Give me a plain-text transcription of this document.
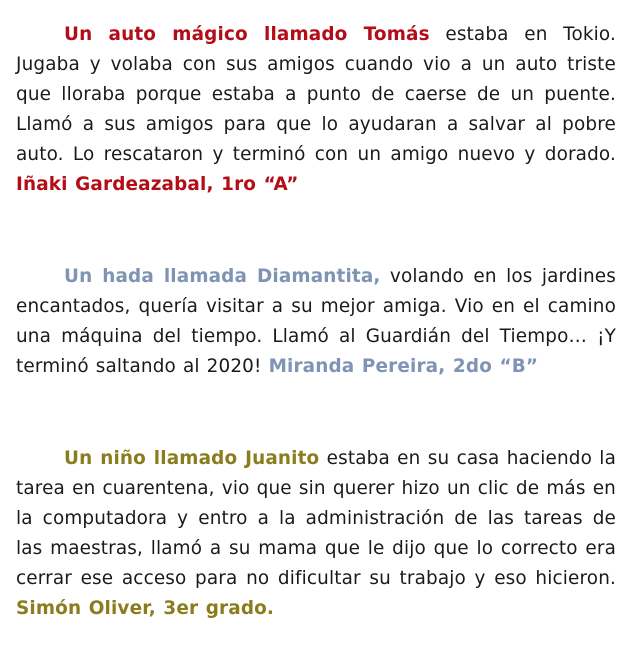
Un auto mágico llamado Tomás estaba en Tokio. Jugaba y volaba con sus amigos cuando vio a un auto triste que lloraba porque estaba a punto de caerse de un puente. Llamó a sus amigos para que lo ayudaran a salvar al pobre auto. Lo rescataron y terminó con un amigo nuevo y dorado. Iñaki Gardeazabal, 1ro “A”

Un hada llamada Diamantita, volando en los jardines encantados, quería visitar a su mejor amiga. Vio en el camino una máquina del tiempo. Llamó al Guardián del Tiempo… ¡Y terminó saltando al 2020! Miranda Pereira, 2do “B”

Un niño llamado Juanito estaba en su casa haciendo la tarea en cuarentena, vio que sin querer hizo un clic de más en la computadora y entro a la administración de las tareas de las maestras, llamó a su mama que le dijo que lo correcto era cerrar ese acceso para no dificultar su trabajo y eso hicieron. Simón Oliver, 3er grado.
